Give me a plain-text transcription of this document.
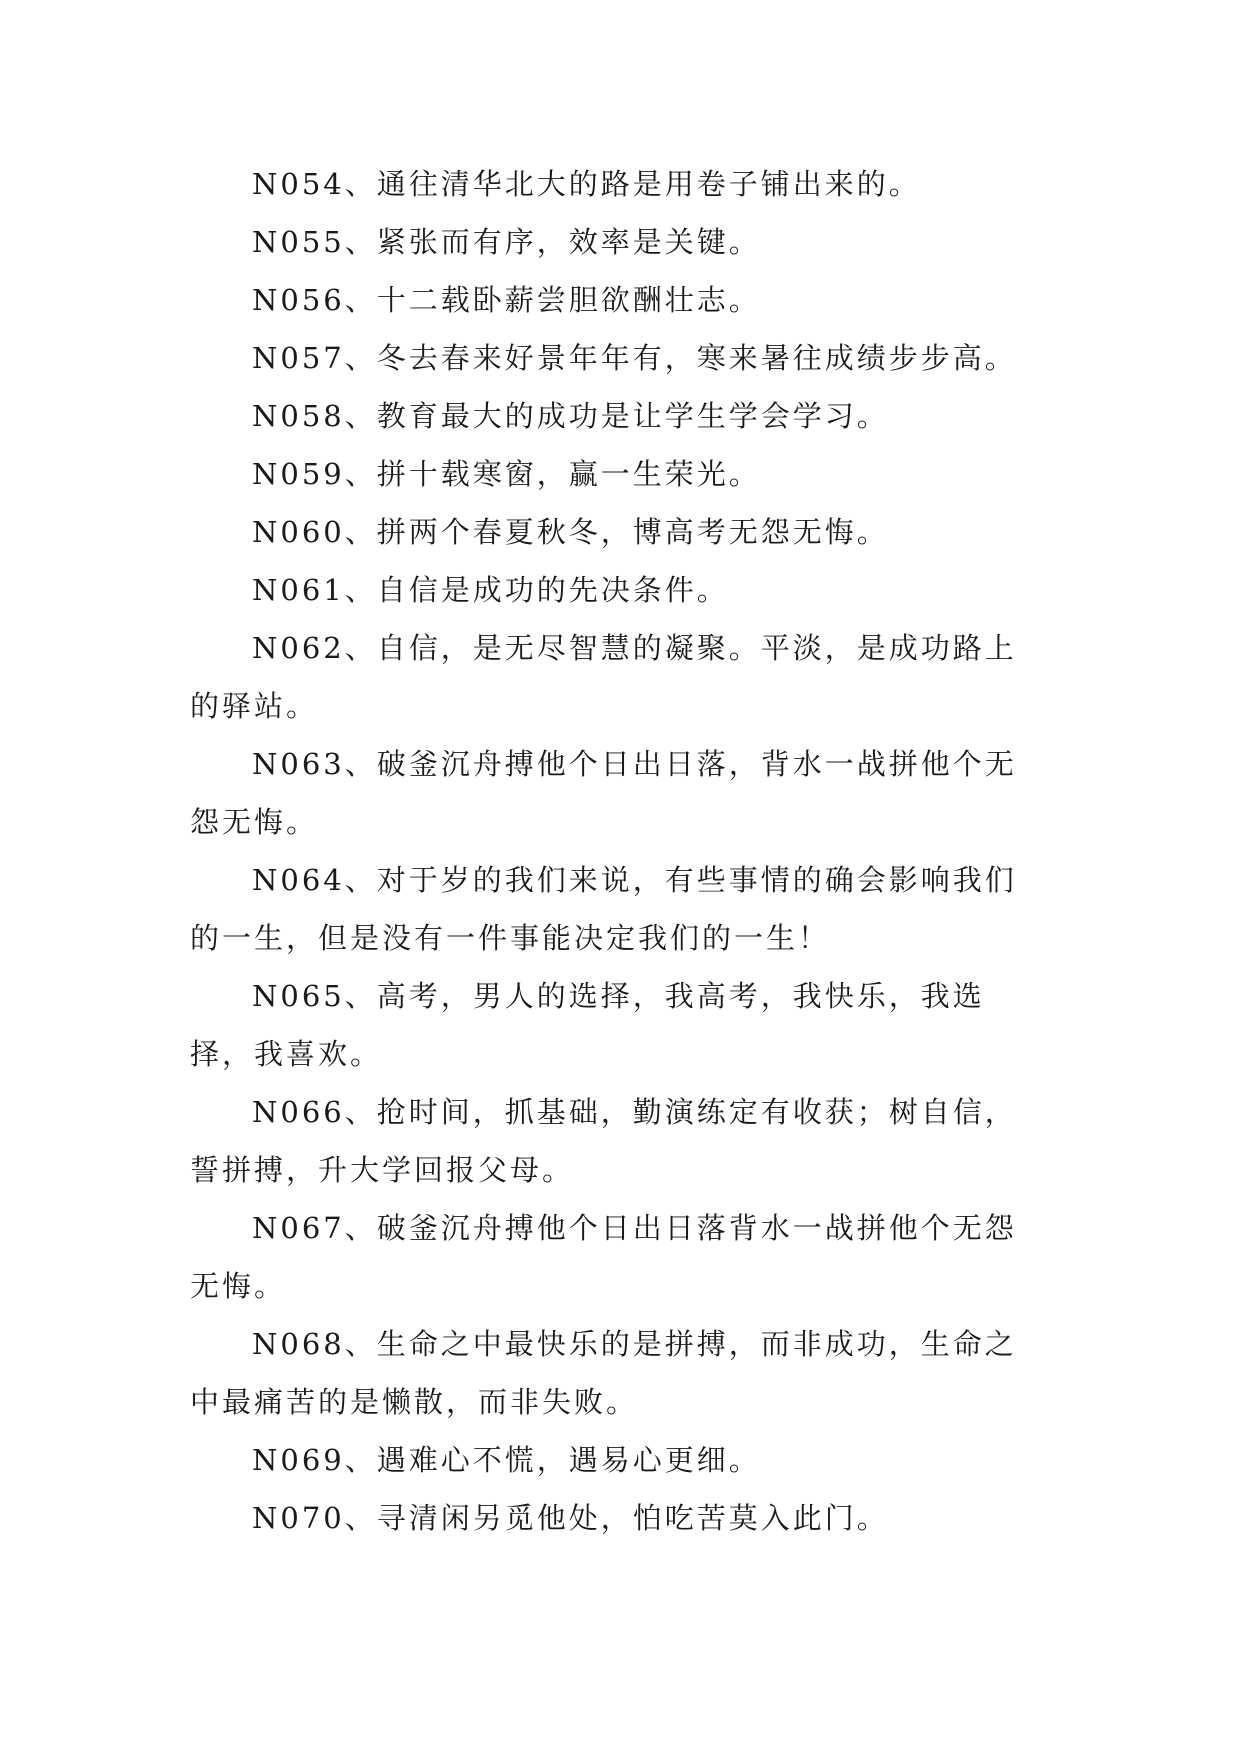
N054、通往清华北大的路是用卷子铺出来的。

N055、紧张而有序，效率是关键。

N056、十二载卧薪尝胆欲酬壮志。

N057、冬去春来好景年年有，寒来暑往成绩步步高。

N058、教育最大的成功是让学生学会学习。

N059、拼十载寒窗，赢一生荣光。

N060、拼两个春夏秋冬，博高考无怨无悔。

N061、自信是成功的先决条件。

N062、自信，是无尽智慧的凝聚。平淡，是成功路上的驿站。

N063、破釜沉舟搏他个日出日落，背水一战拼他个无怨无悔。

N064、对于岁的我们来说，有些事情的确会影响我们的一生，但是没有一件事能决定我们的一生！

N065、高考，男人的选择，我高考，我快乐，我选择，我喜欢。

N066、抢时间，抓基础，勤演练定有收获；树自信，誓拼搏，升大学回报父母。

N067、破釜沉舟搏他个日出日落背水一战拼他个无怨无悔。

N068、生命之中最快乐的是拼搏，而非成功，生命之中最痛苦的是懒散，而非失败。

N069、遇难心不慌，遇易心更细。

N070、寻清闲另觅他处，怕吃苦莫入此门。
